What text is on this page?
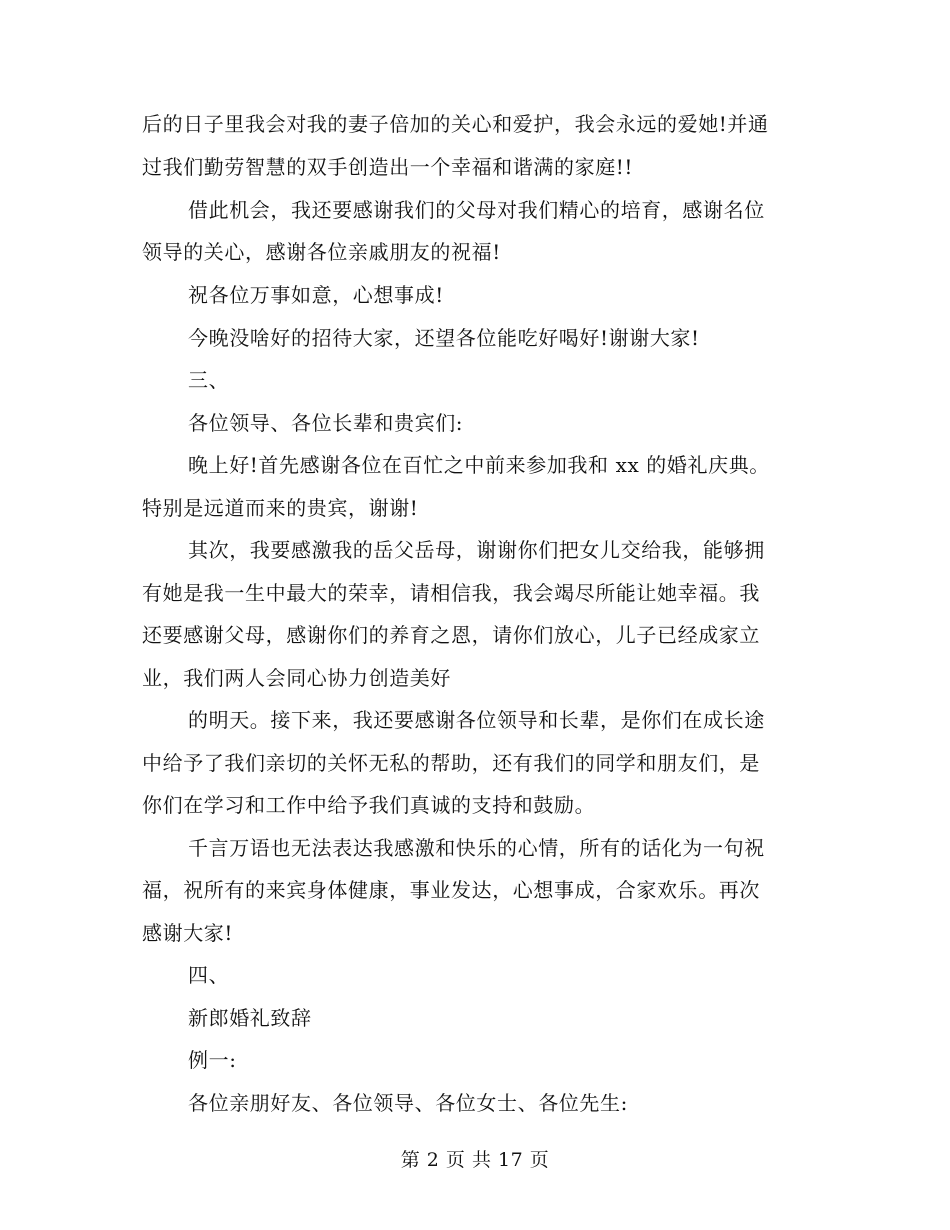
后的日子里我会对我的妻子倍加的关心和爱护，我会永远的爱她!并通
过我们勤劳智慧的双手创造出一个幸福和谐满的家庭!!
借此机会，我还要感谢我们的父母对我们精心的培育，感谢名位
领导的关心，感谢各位亲戚朋友的祝福!
祝各位万事如意，心想事成!
今晚没啥好的招待大家，还望各位能吃好喝好!谢谢大家!
三、
各位领导、各位长辈和贵宾们:
晚上好!首先感谢各位在百忙之中前来参加我和 xx 的婚礼庆典。
特别是远道而来的贵宾，谢谢!
其次，我要感激我的岳父岳母，谢谢你们把女儿交给我，能够拥
有她是我一生中最大的荣幸，请相信我，我会竭尽所能让她幸福。我
还要感谢父母，感谢你们的养育之恩，请你们放心，儿子已经成家立
业，我们两人会同心协力创造美好
的明天。接下来，我还要感谢各位领导和长辈，是你们在成长途
中给予了我们亲切的关怀无私的帮助，还有我们的同学和朋友们，是
你们在学习和工作中给予我们真诚的支持和鼓励。
千言万语也无法表达我感激和快乐的心情，所有的话化为一句祝
福，祝所有的来宾身体健康，事业发达，心想事成，合家欢乐。再次
感谢大家!
四、
新郎婚礼致辞
例一:
各位亲朋好友、各位领导、各位女士、各位先生:
第 2 页 共 17 页
